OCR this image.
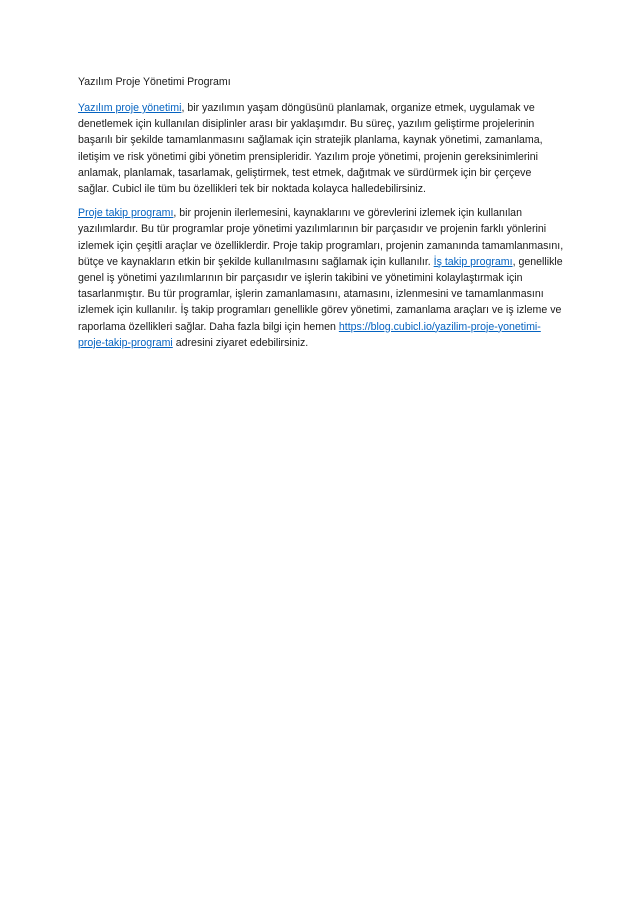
Yazılım Proje Yönetimi Programı

Yazılım proje yönetimi, bir yazılımın yaşam döngüsünü planlamak, organize etmek, uygulamak ve denetlemek için kullanılan disiplinler arası bir yaklaşımdır. Bu süreç, yazılım geliştirme projelerinin başarılı bir şekilde tamamlanmasını sağlamak için stratejik planlama, kaynak yönetimi, zamanlama, iletişim ve risk yönetimi gibi yönetim prensipleridir. Yazılım proje yönetimi, projenin gereksinimlerini anlamak, planlamak, tasarlamak, geliştirmek, test etmek, dağıtmak ve sürdürmek için bir çerçeve sağlar. Cubicl ile tüm bu özellikleri tek bir noktada kolayca halledebilirsiniz.

Proje takip programı, bir projenin ilerlemesini, kaynaklarını ve görevlerini izlemek için kullanılan yazılımlardır. Bu tür programlar proje yönetimi yazılımlarının bir parçasıdır ve projenin farklı yönlerini izlemek için çeşitli araçlar ve özelliklerdir. Proje takip programları, projenin zamanında tamamlanmasını, bütçe ve kaynakların etkin bir şekilde kullanılmasını sağlamak için kullanılır. İş takip programı, genellikle genel iş yönetimi yazılımlarının bir parçasıdır ve işlerin takibini ve yönetimini kolaylaştırmak için tasarlanmıştır. Bu tür programlar, işlerin zamanlamasını, atamasını, izlenmesini ve tamamlanmasını izlemek için kullanılır. İş takip programları genellikle görev yönetimi, zamanlama araçları ve iş izleme ve raporlama özellikleri sağlar. Daha fazla bilgi için hemen https://blog.cubicl.io/yazilim-proje-yonetimi-proje-takip-programi adresini ziyaret edebilirsiniz.
